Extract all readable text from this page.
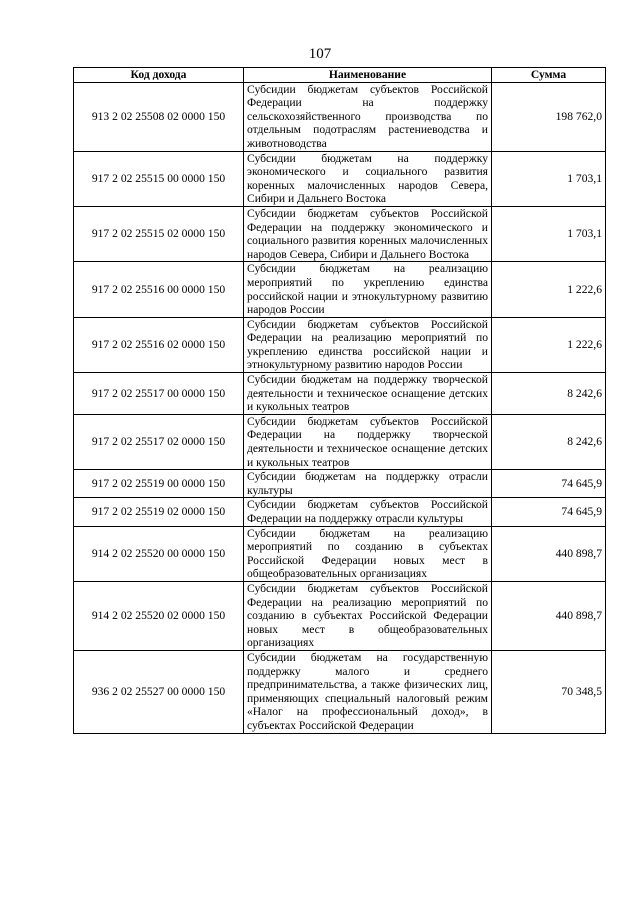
107
Код дохода	Наименование	Сумма
913 2 02 25508 02 0000 150	Субсидии бюджетам субъектов Российской Федерации на поддержку сельскохозяйственного производства по отдельным подотраслям растениеводства и животноводства	198 762,0
917 2 02 25515 00 0000 150	Субсидии бюджетам на поддержку экономического и социального развития коренных малочисленных народов Севера, Сибири и Дальнего Востока	1 703,1
917 2 02 25515 02 0000 150	Субсидии бюджетам субъектов Российской Федерации на поддержку экономического и социального развития коренных малочисленных народов Севера, Сибири и Дальнего Востока	1 703,1
917 2 02 25516 00 0000 150	Субсидии бюджетам на реализацию мероприятий по укреплению единства российской нации и этнокультурному развитию народов России	1 222,6
917 2 02 25516 02 0000 150	Субсидии бюджетам субъектов Российской Федерации на реализацию мероприятий по укреплению единства российской нации и этнокультурному развитию народов России	1 222,6
917 2 02 25517 00 0000 150	Субсидии бюджетам на поддержку творческой деятельности и техническое оснащение детских и кукольных театров	8 242,6
917 2 02 25517 02 0000 150	Субсидии бюджетам субъектов Российской Федерации на поддержку творческой деятельности и техническое оснащение детских и кукольных театров	8 242,6
917 2 02 25519 00 0000 150	Субсидии бюджетам на поддержку отрасли культуры	74 645,9
917 2 02 25519 02 0000 150	Субсидии бюджетам субъектов Российской Федерации на поддержку отрасли культуры	74 645,9
914 2 02 25520 00 0000 150	Субсидии бюджетам на реализацию мероприятий по созданию в субъектах Российской Федерации новых мест в общеобразовательных организациях	440 898,7
914 2 02 25520 02 0000 150	Субсидии бюджетам субъектов Российской Федерации на реализацию мероприятий по созданию в субъектах Российской Федерации новых мест в общеобразовательных организациях	440 898,7
936 2 02 25527 00 0000 150	Субсидии бюджетам на государственную поддержку малого и среднего предпринимательства, а также физических лиц, применяющих специальный налоговый режим «Налог на профессиональный доход», в субъектах Российской Федерации	70 348,5
